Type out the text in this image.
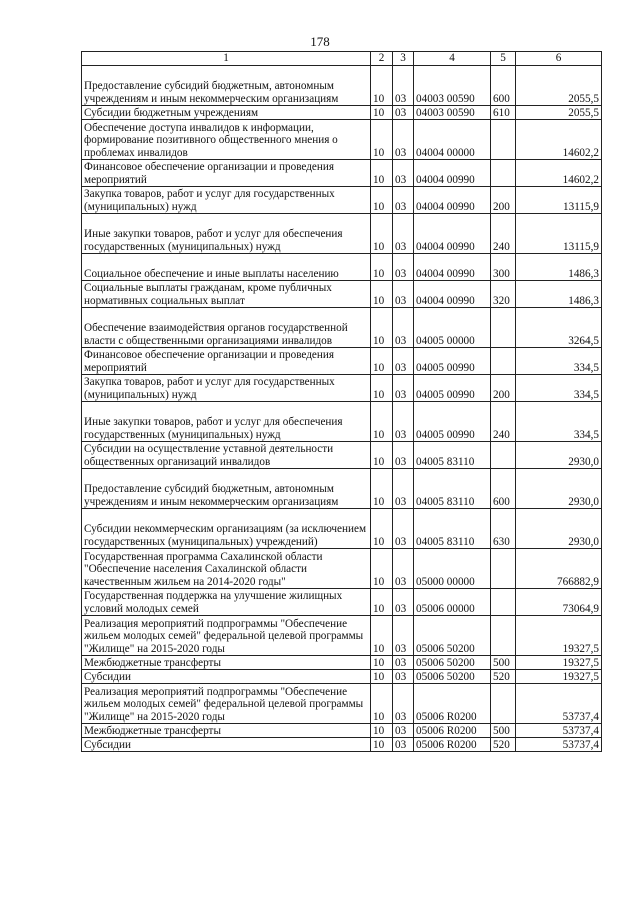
178
1	2	3	4	5	6
Предоставление субсидий бюджетным, автономным учреждениям и иным некоммерческим организациям	10	03	04003 00590	600	2055,5
Субсидии бюджетным учреждениям	10	03	04003 00590	610	2055,5
Обеспечение доступа инвалидов к информации, формирование позитивного общественного мнения о проблемах инвалидов	10	03	04004 00000		14602,2
Финансовое обеспечение организации и проведения мероприятий	10	03	04004 00990		14602,2
Закупка товаров, работ и услуг для государственных (муниципальных) нужд	10	03	04004 00990	200	13115,9
Иные закупки товаров, работ и услуг для обеспечения государственных (муниципальных) нужд	10	03	04004 00990	240	13115,9
Социальное обеспечение и иные выплаты населению	10	03	04004 00990	300	1486,3
Социальные выплаты гражданам, кроме публичных нормативных социальных выплат	10	03	04004 00990	320	1486,3
Обеспечение взаимодействия органов государственной власти с общественными организациями инвалидов	10	03	04005 00000		3264,5
Финансовое обеспечение организации и проведения мероприятий	10	03	04005 00990		334,5
Закупка товаров, работ и услуг для государственных (муниципальных) нужд	10	03	04005 00990	200	334,5
Иные закупки товаров, работ и услуг для обеспечения государственных (муниципальных) нужд	10	03	04005 00990	240	334,5
Субсидии на осуществление уставной деятельности общественных организаций инвалидов	10	03	04005 83110		2930,0
Предоставление субсидий бюджетным, автономным учреждениям и иным некоммерческим организациям	10	03	04005 83110	600	2930,0
Субсидии некоммерческим организациям (за исключением государственных (муниципальных) учреждений)	10	03	04005 83110	630	2930,0
Государственная программа Сахалинской области "Обеспечение населения Сахалинской области качественным жильем на 2014-2020 годы"	10	03	05000 00000		766882,9
Государственная поддержка на улучшение жилищных условий молодых семей	10	03	05006 00000		73064,9
Реализация мероприятий подпрограммы "Обеспечение жильем молодых семей" федеральной целевой программы "Жилище" на 2015-2020 годы	10	03	05006 50200		19327,5
Межбюджетные трансферты	10	03	05006 50200	500	19327,5
Субсидии	10	03	05006 50200	520	19327,5
Реализация мероприятий подпрограммы "Обеспечение жильем молодых семей" федеральной целевой программы "Жилище" на 2015-2020 годы	10	03	05006 R0200		53737,4
Межбюджетные трансферты	10	03	05006 R0200	500	53737,4
Субсидии	10	03	05006 R0200	520	53737,4
